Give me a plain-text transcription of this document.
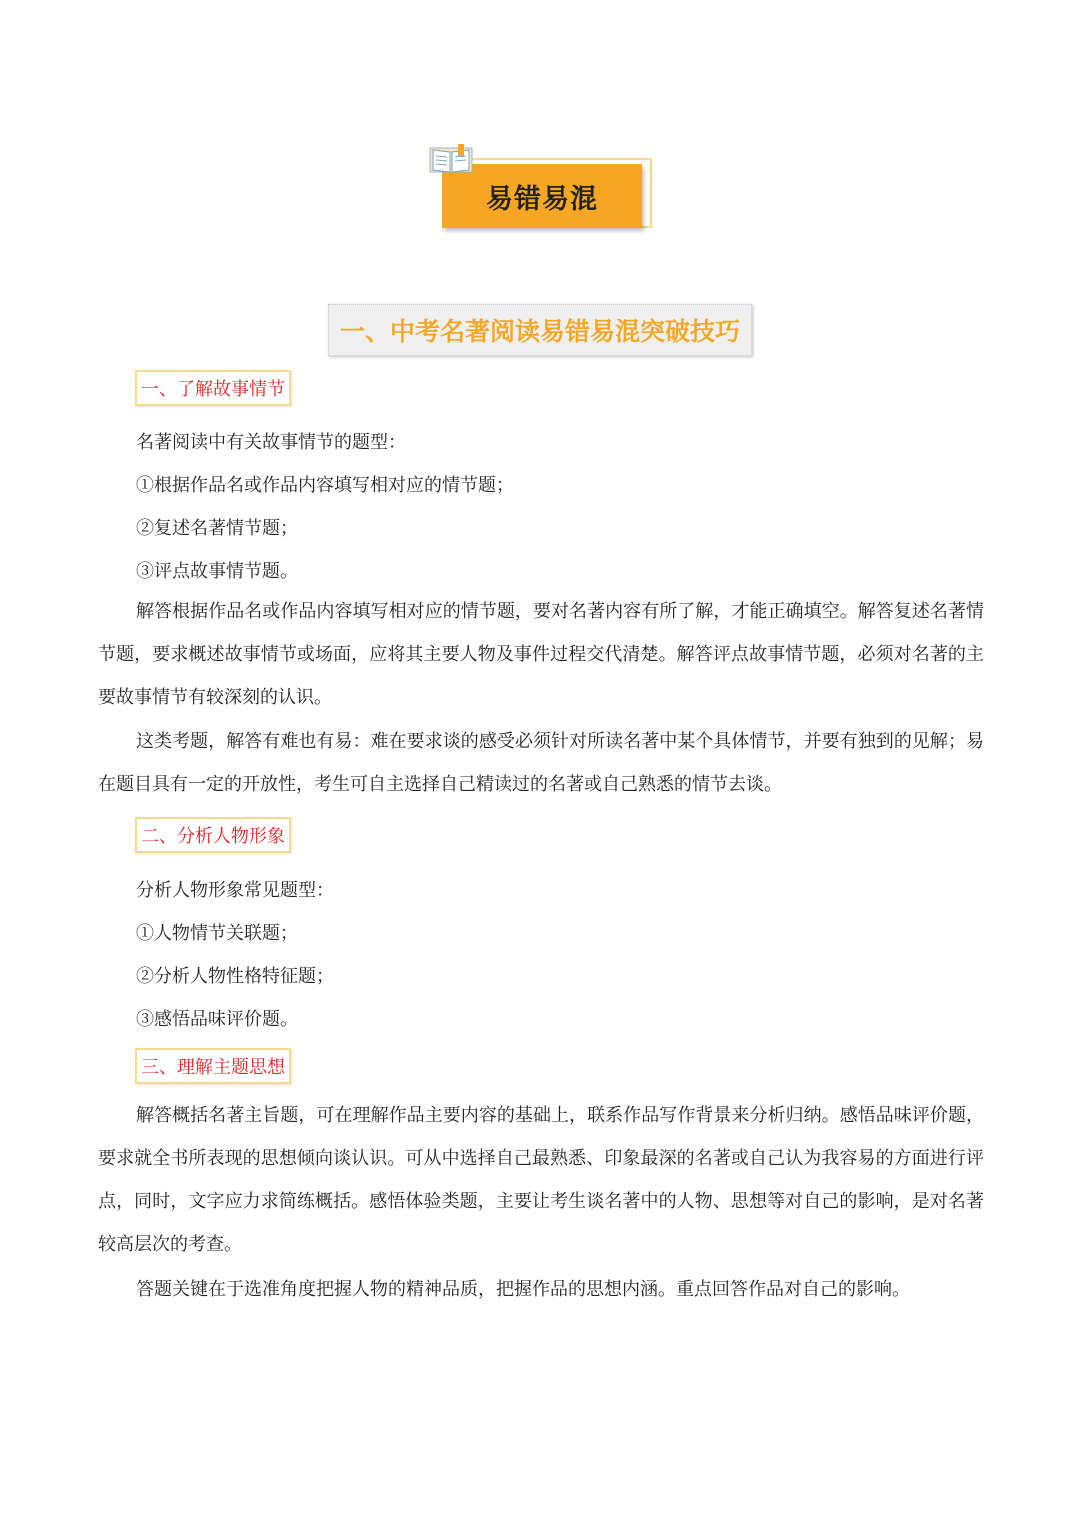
易错易混
一、中考名著阅读易错易混突破技巧
一、了解故事情节
名著阅读中有关故事情节的题型：
①根据作品名或作品内容填写相对应的情节题；
②复述名著情节题；
③评点故事情节题。

解答根据作品名或作品内容填写相对应的情节题，要对名著内容有所了解，才能正确填空。解答复述名著情节题，要求概述故事情节或场面，应将其主要人物及事件过程交代清楚。解答评点故事情节题，必须对名著的主要故事情节有较深刻的认识。

这类考题，解答有难也有易：难在要求谈的感受必须针对所读名著中某个具体情节，并要有独到的见解；易在题目具有一定的开放性，考生可自主选择自己精读过的名著或自己熟悉的情节去谈。

二、分析人物形象
分析人物形象常见题型：
①人物情节关联题；
②分析人物性格特征题；
③感悟品味评价题。
三、理解主题思想

解答概括名著主旨题，可在理解作品主要内容的基础上，联系作品写作背景来分析归纳。感悟品味评价题，要求就全书所表现的思想倾向谈认识。可从中选择自己最熟悉、印象最深的名著或自己认为我容易的方面进行评点，同时，文字应力求简练概括。感悟体验类题，主要让考生谈名著中的人物、思想等对自己的影响，是对名著较高层次的考查。

答题关键在于选准角度把握人物的精神品质，把握作品的思想内涵。重点回答作品对自己的影响。
